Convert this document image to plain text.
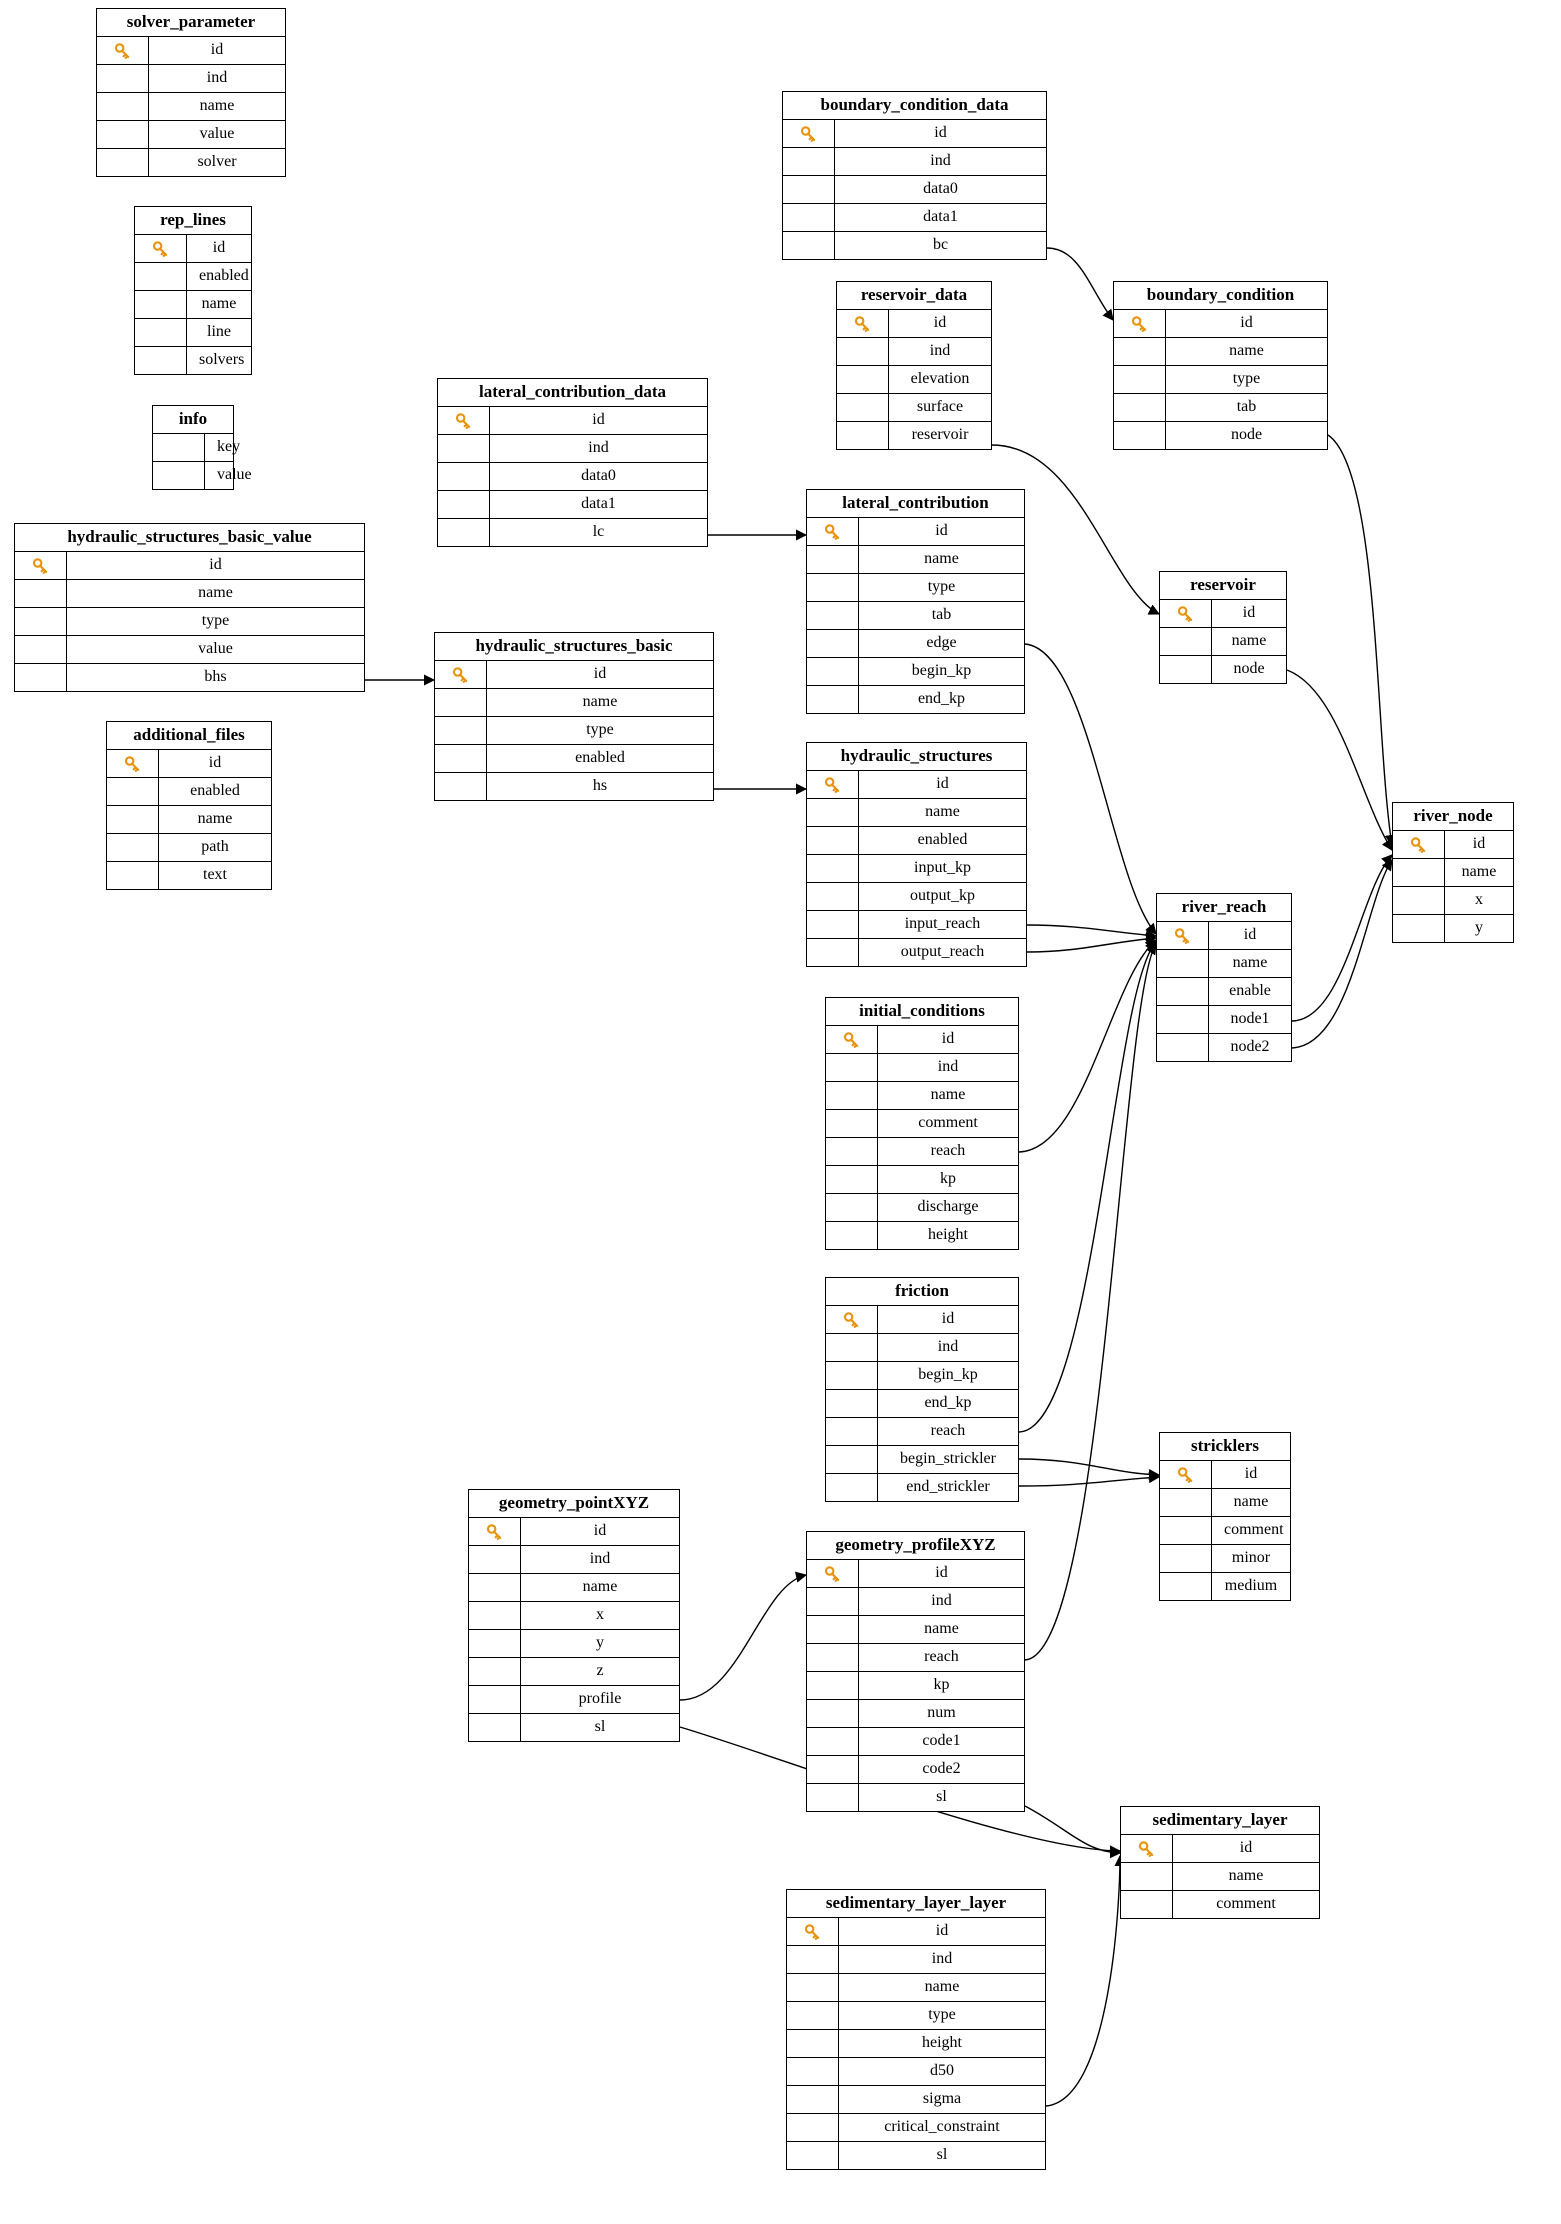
solver_parameter
id
ind
name
value
solver
rep_lines
id
enabled
name
line
solvers
info
key
value
hydraulic_structures_basic_value
id
name
type
value
bhs
additional_files
id
enabled
name
path
text
lateral_contribution_data
id
ind
data0
data1
lc
hydraulic_structures_basic
id
name
type
enabled
hs
boundary_condition_data
id
ind
data0
data1
bc
reservoir_data
id
ind
elevation
surface
reservoir
boundary_condition
id
name
type
tab
node
lateral_contribution
id
name
type
tab
edge
begin_kp
end_kp
reservoir
id
name
node
hydraulic_structures
id
name
enabled
input_kp
output_kp
input_reach
output_reach
river_node
id
name
x
y
river_reach
id
name
enable
node1
node2
initial_conditions
id
ind
name
comment
reach
kp
discharge
height
friction
id
ind
begin_kp
end_kp
reach
begin_strickler
end_strickler
stricklers
id
name
comment
minor
medium
geometry_pointXYZ
id
ind
name
x
y
z
profile
sl
geometry_profileXYZ
id
ind
name
reach
kp
num
code1
code2
sl
sedimentary_layer
id
name
comment
sedimentary_layer_layer
id
ind
name
type
height
d50
sigma
critical_constraint
sl
